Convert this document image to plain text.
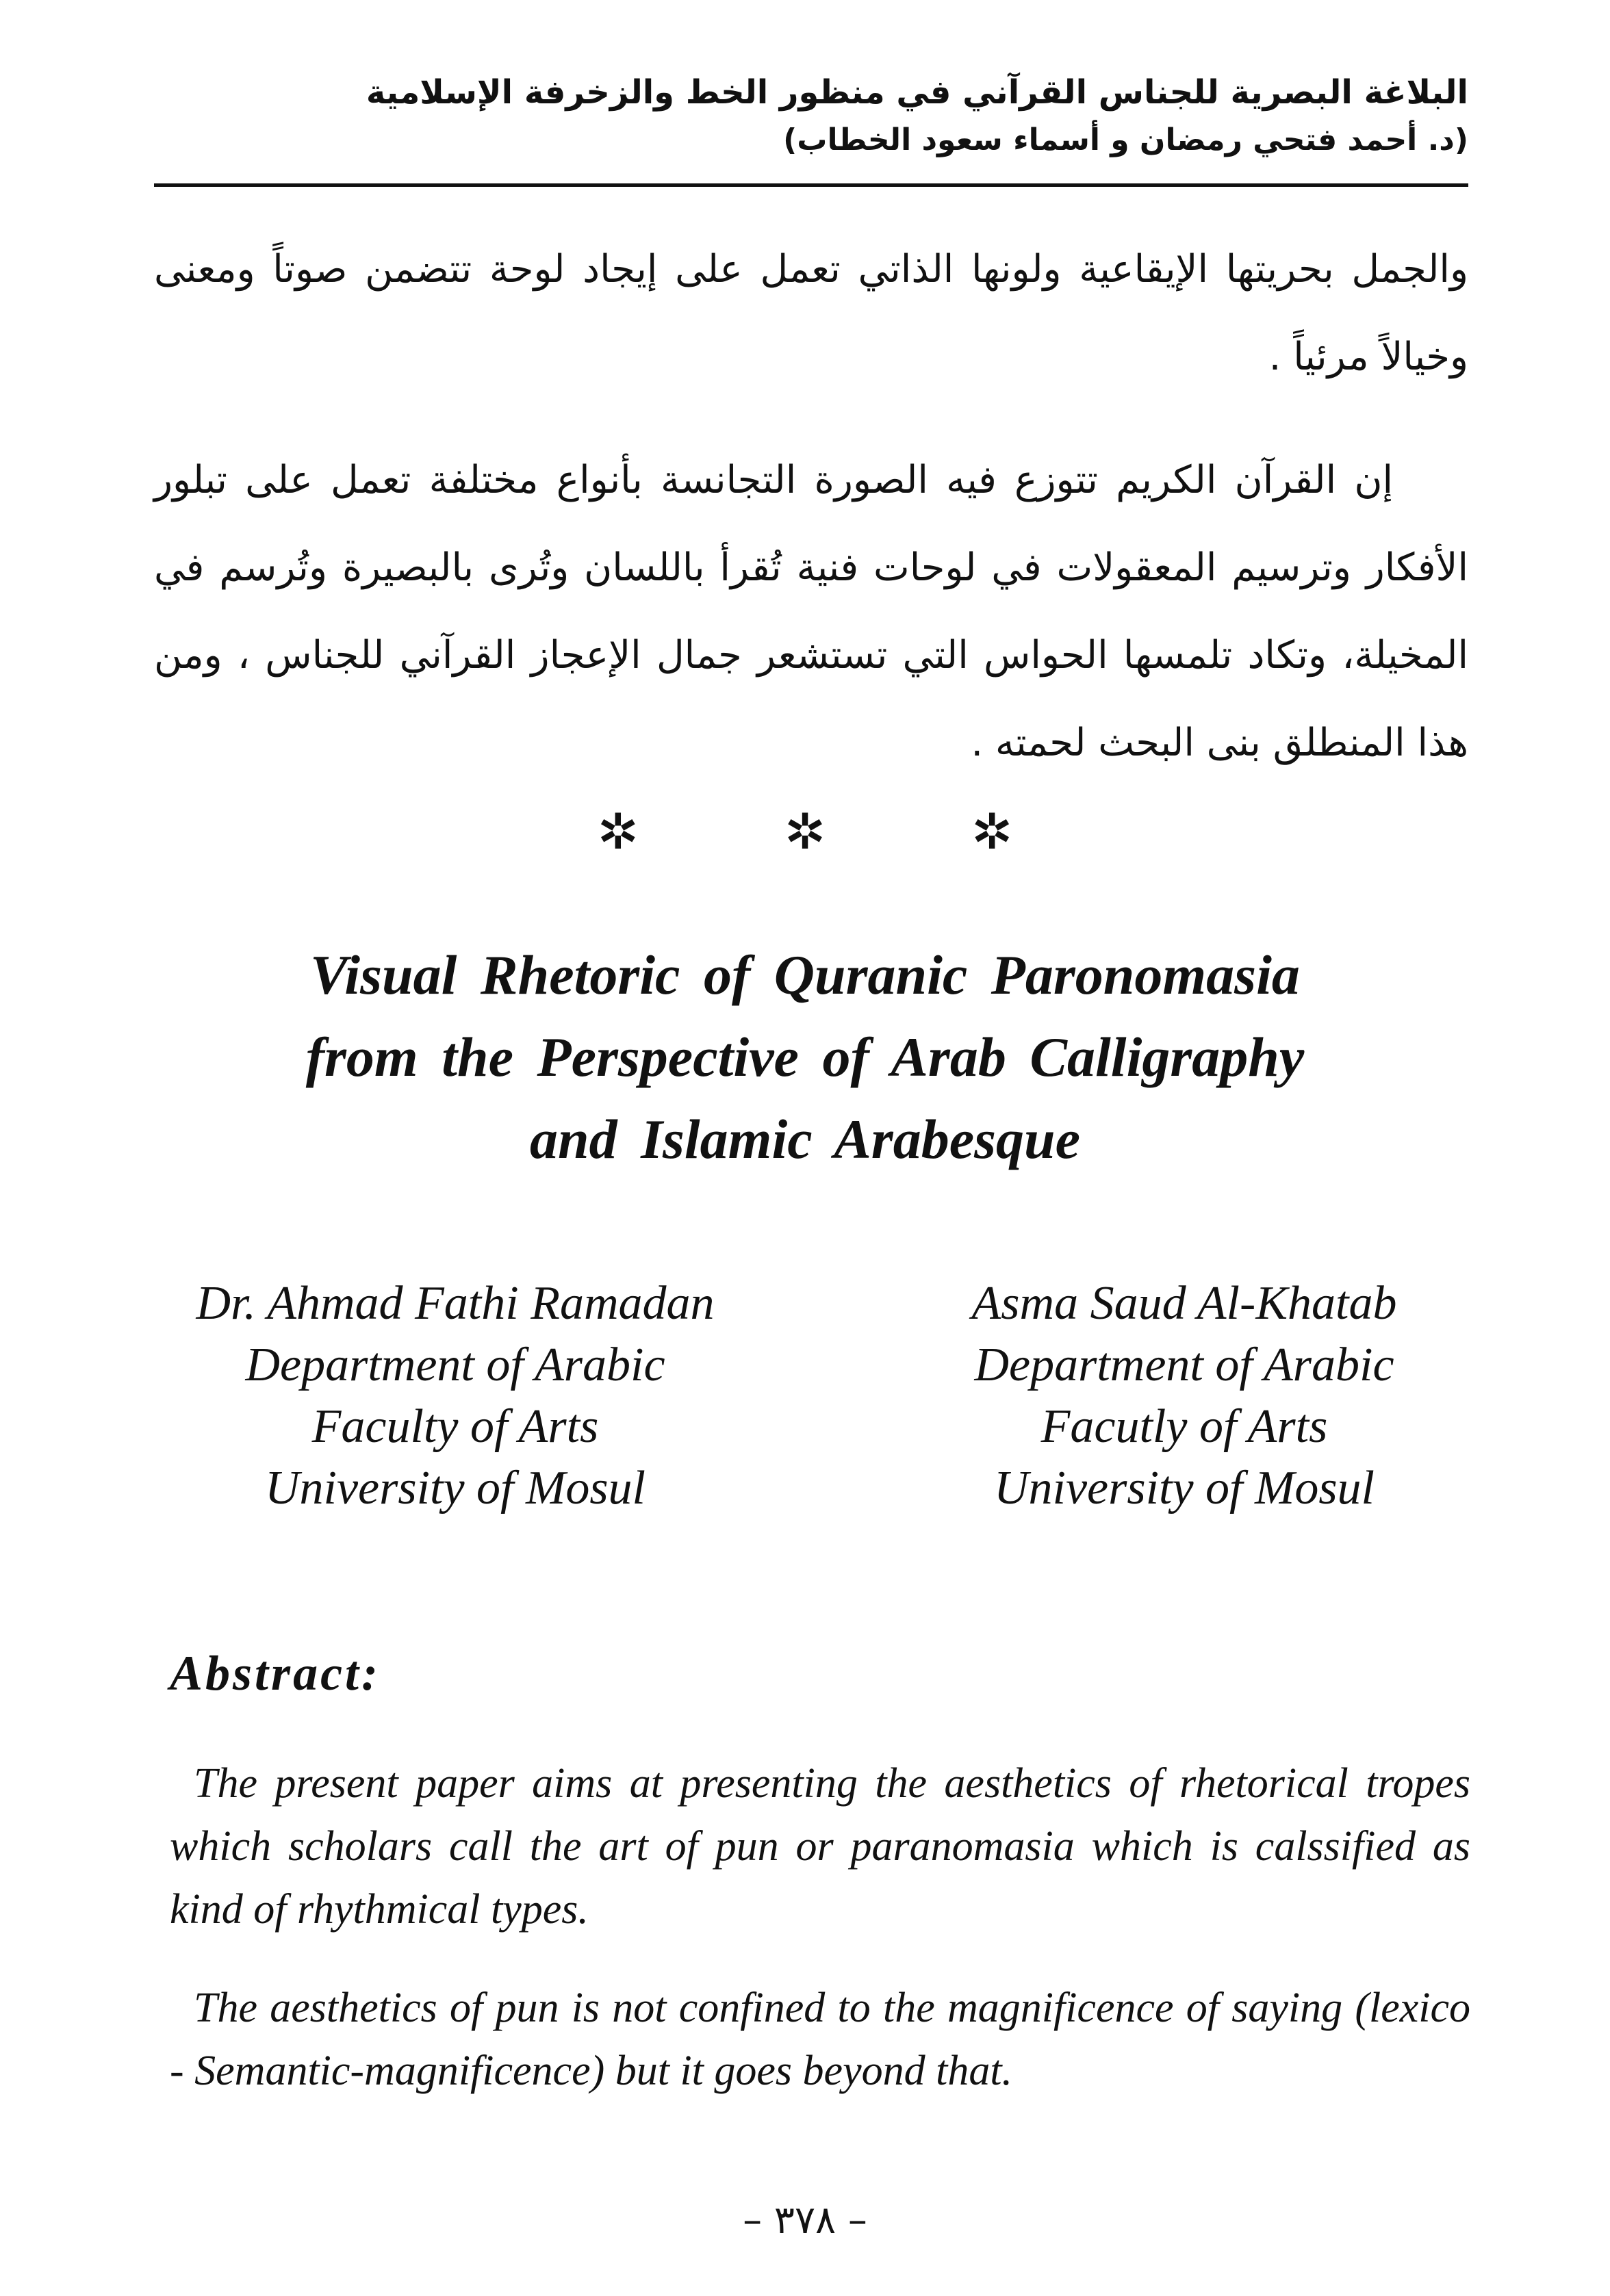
البلاغة البصرية للجناس القرآني في منظور الخط والزخرفة الإسلامية
(د. أحمد فتحي رمضان و أسماء سعود الخطاب)

والجمل بحريتها الإيقاعية ولونها الذاتي تعمل على إيجاد لوحة تتضمن صوتاً ومعنى وخيالاً مرئياً .

إن القرآن الكريم تتوزع فيه الصورة التجانسة بأنواع مختلفة تعمل على تبلور الأفكار وترسيم المعقولات في لوحات فنية تُقرأ باللسان وتُرى بالبصيرة وتُرسم في المخيلة، وتكاد تلمسها الحواس التي تستشعر جمال الإعجاز القرآني للجناس ، ومن هذا المنطلق بنى البحث لحمته .

✲	✲	✲
Visual Rhetoric of Quranic Paronomasia
from the Perspective of Arab Calligraphy
and Islamic Arabesque
Dr. Ahmad Fathi Ramadan
Department of Arabic
Faculty of Arts
University of Mosul
Asma Saud Al-Khatab
Department of Arabic
Facutly of Arts
University of Mosul
Abstract:

The present paper aims at presenting the aesthetics of rhetorical tropes which scholars call the art of pun or paranomasia which is calssified as kind of rhythmical types.

The aesthetics of pun is not confined to the magnificence of saying (lexico - Semantic-magnificence) but it goes beyond that.

– ٣٧٨ –
